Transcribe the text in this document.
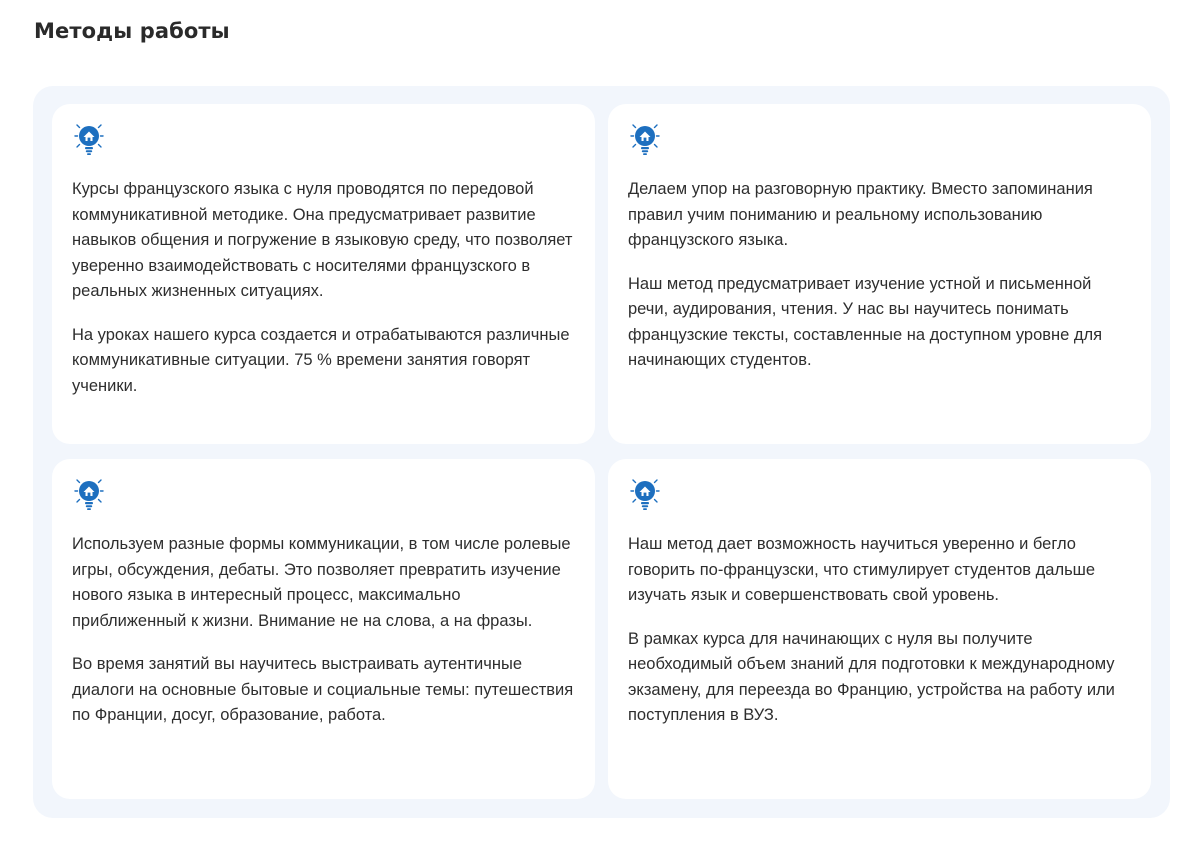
Методы работы

Курсы французского языка с нуля проводятся по передовой коммуникативной методике. Она предусматривает развитие навыков общения и погружение в языковую среду, что позволяет уверенно взаимодействовать с носителями французского в реальных жизненных ситуациях.

На уроках нашего курса создается и отрабатываются различные коммуникативные ситуации. 75 % времени занятия говорят ученики.

Делаем упор на разговорную практику. Вместо запоминания правил учим пониманию и реальному использованию французского языка.

Наш метод предусматривает изучение устной и письменной речи, аудирования, чтения. У нас вы научитесь понимать французские тексты, составленные на доступном уровне для начинающих студентов.

Используем разные формы коммуникации, в том числе ролевые игры, обсуждения, дебаты. Это позволяет превратить изучение нового языка в интересный процесс, максимально приближенный к жизни. Внимание не на слова, а на фразы.

Во время занятий вы научитесь выстраивать аутентичные диалоги на основные бытовые и социальные темы: путешествия по Франции, досуг, образование, работа.

Наш метод дает возможность научиться уверенно и бегло говорить по-французски, что стимулирует студентов дальше изучать язык и совершенствовать свой уровень.

В рамках курса для начинающих с нуля вы получите необходимый объем знаний для подготовки к международному экзамену, для переезда во Францию, устройства на работу или поступления в ВУЗ.
